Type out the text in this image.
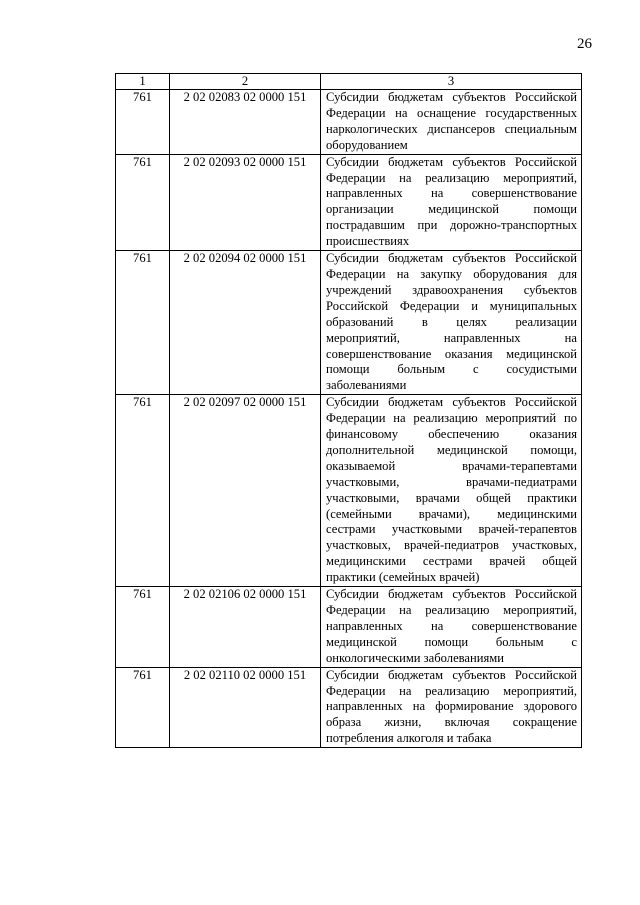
26
1	2	3
761	2 02 02083 02 0000 151	Субсидии бюджетам субъектов Российской Федерации на оснащение государственных наркологических диспансеров специальным оборудованием
761	2 02 02093 02 0000 151	Субсидии бюджетам субъектов Российской Федерации на реализацию мероприятий, направленных на совершенствование организации медицинской помощи пострадавшим при дорожно-транспортных происшествиях
761	2 02 02094 02 0000 151	Субсидии бюджетам субъектов Российской Федерации на закупку оборудования для учреждений здравоохранения субъектов Российской Федерации и муниципальных образований в целях реализации мероприятий, направленных на совершенствование оказания медицинской помощи больным с сосудистыми заболеваниями
761	2 02 02097 02 0000 151	Субсидии бюджетам субъектов Российской Федерации на реализацию мероприятий по финансовому обеспечению оказания дополнительной медицинской помощи, оказываемой врачами-терапевтами участковыми, врачами-педиатрами участковыми, врачами общей практики (семейными врачами), медицинскими сестрами участковыми врачей-терапевтов участковых, врачей-педиатров участковых, медицинскими сестрами врачей общей практики (семейных врачей)
761	2 02 02106 02 0000 151	Субсидии бюджетам субъектов Российской Федерации на реализацию мероприятий, направленных на совершенствование медицинской помощи больным с онкологическими заболеваниями
761	2 02 02110 02 0000 151	Субсидии бюджетам субъектов Российской Федерации на реализацию мероприятий, направленных на формирование здорового образа жизни, включая сокращение потребления алкоголя и табака
